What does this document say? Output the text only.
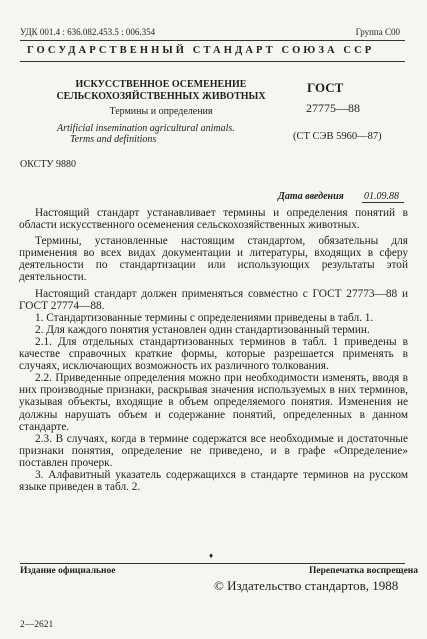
УДК 001.4 : 636.082.453.5 : 006.354	Группа С00
ГОСУДАРСТВЕННЫЙ СТАНДАРТ СОЮЗА ССР
ИСКУССТВЕННОЕ ОСЕМЕНЕНИЕ
СЕЛЬСКОХОЗЯЙСТВЕННЫХ ЖИВОТНЫХ
Термины и определения
Artificial insemination agricultural animals.
Terms and definitions
ГОСТ
27775—88
(СТ СЭВ 5960—87)
ОКСТУ 9880
Дата введения 01.09.88

Настоящий стандарт устанавливает термины и определения понятий в области искусственного осеменения сельскохозяйственных животных.

Термины, установленные настоящим стандартом, обязательны для применения во всех видах документации и литературы, входящих в сферу деятельности по стандартизации или использующих результаты этой деятельности.

Настоящий стандарт должен применяться совместно с ГОСТ 27773—88 и ГОСТ 27774—88.

1. Стандартизованные термины с определениями приведены в табл. 1.

2. Для каждого понятия установлен один стандартизованный термин.

2.1. Для отдельных стандартизованных терминов в табл. 1 приведены в качестве справочных краткие формы, которые разрешается применять в случаях, исключающих возможность их различного толкования.

2.2. Приведенные определения можно при необходимости изменять, вводя в них производные признаки, раскрывая значения используемых в них терминов, указывая объекты, входящие в объем определяемого понятия. Изменения не должны нарушать объем и содержание понятий, определенных в данном стандарте.

2.3. В случаях, когда в термине содержатся все необходимые и достаточные признаки понятия, определение не приведено, и в графе «Определение» поставлен прочерк.

3. Алфавитный указатель содержащихся в стандарте терминов на русском языке приведен в табл. 2.

♦
Издание официальное	Перепечатка воспрещена
© Издательство стандартов, 1988
2—2621
